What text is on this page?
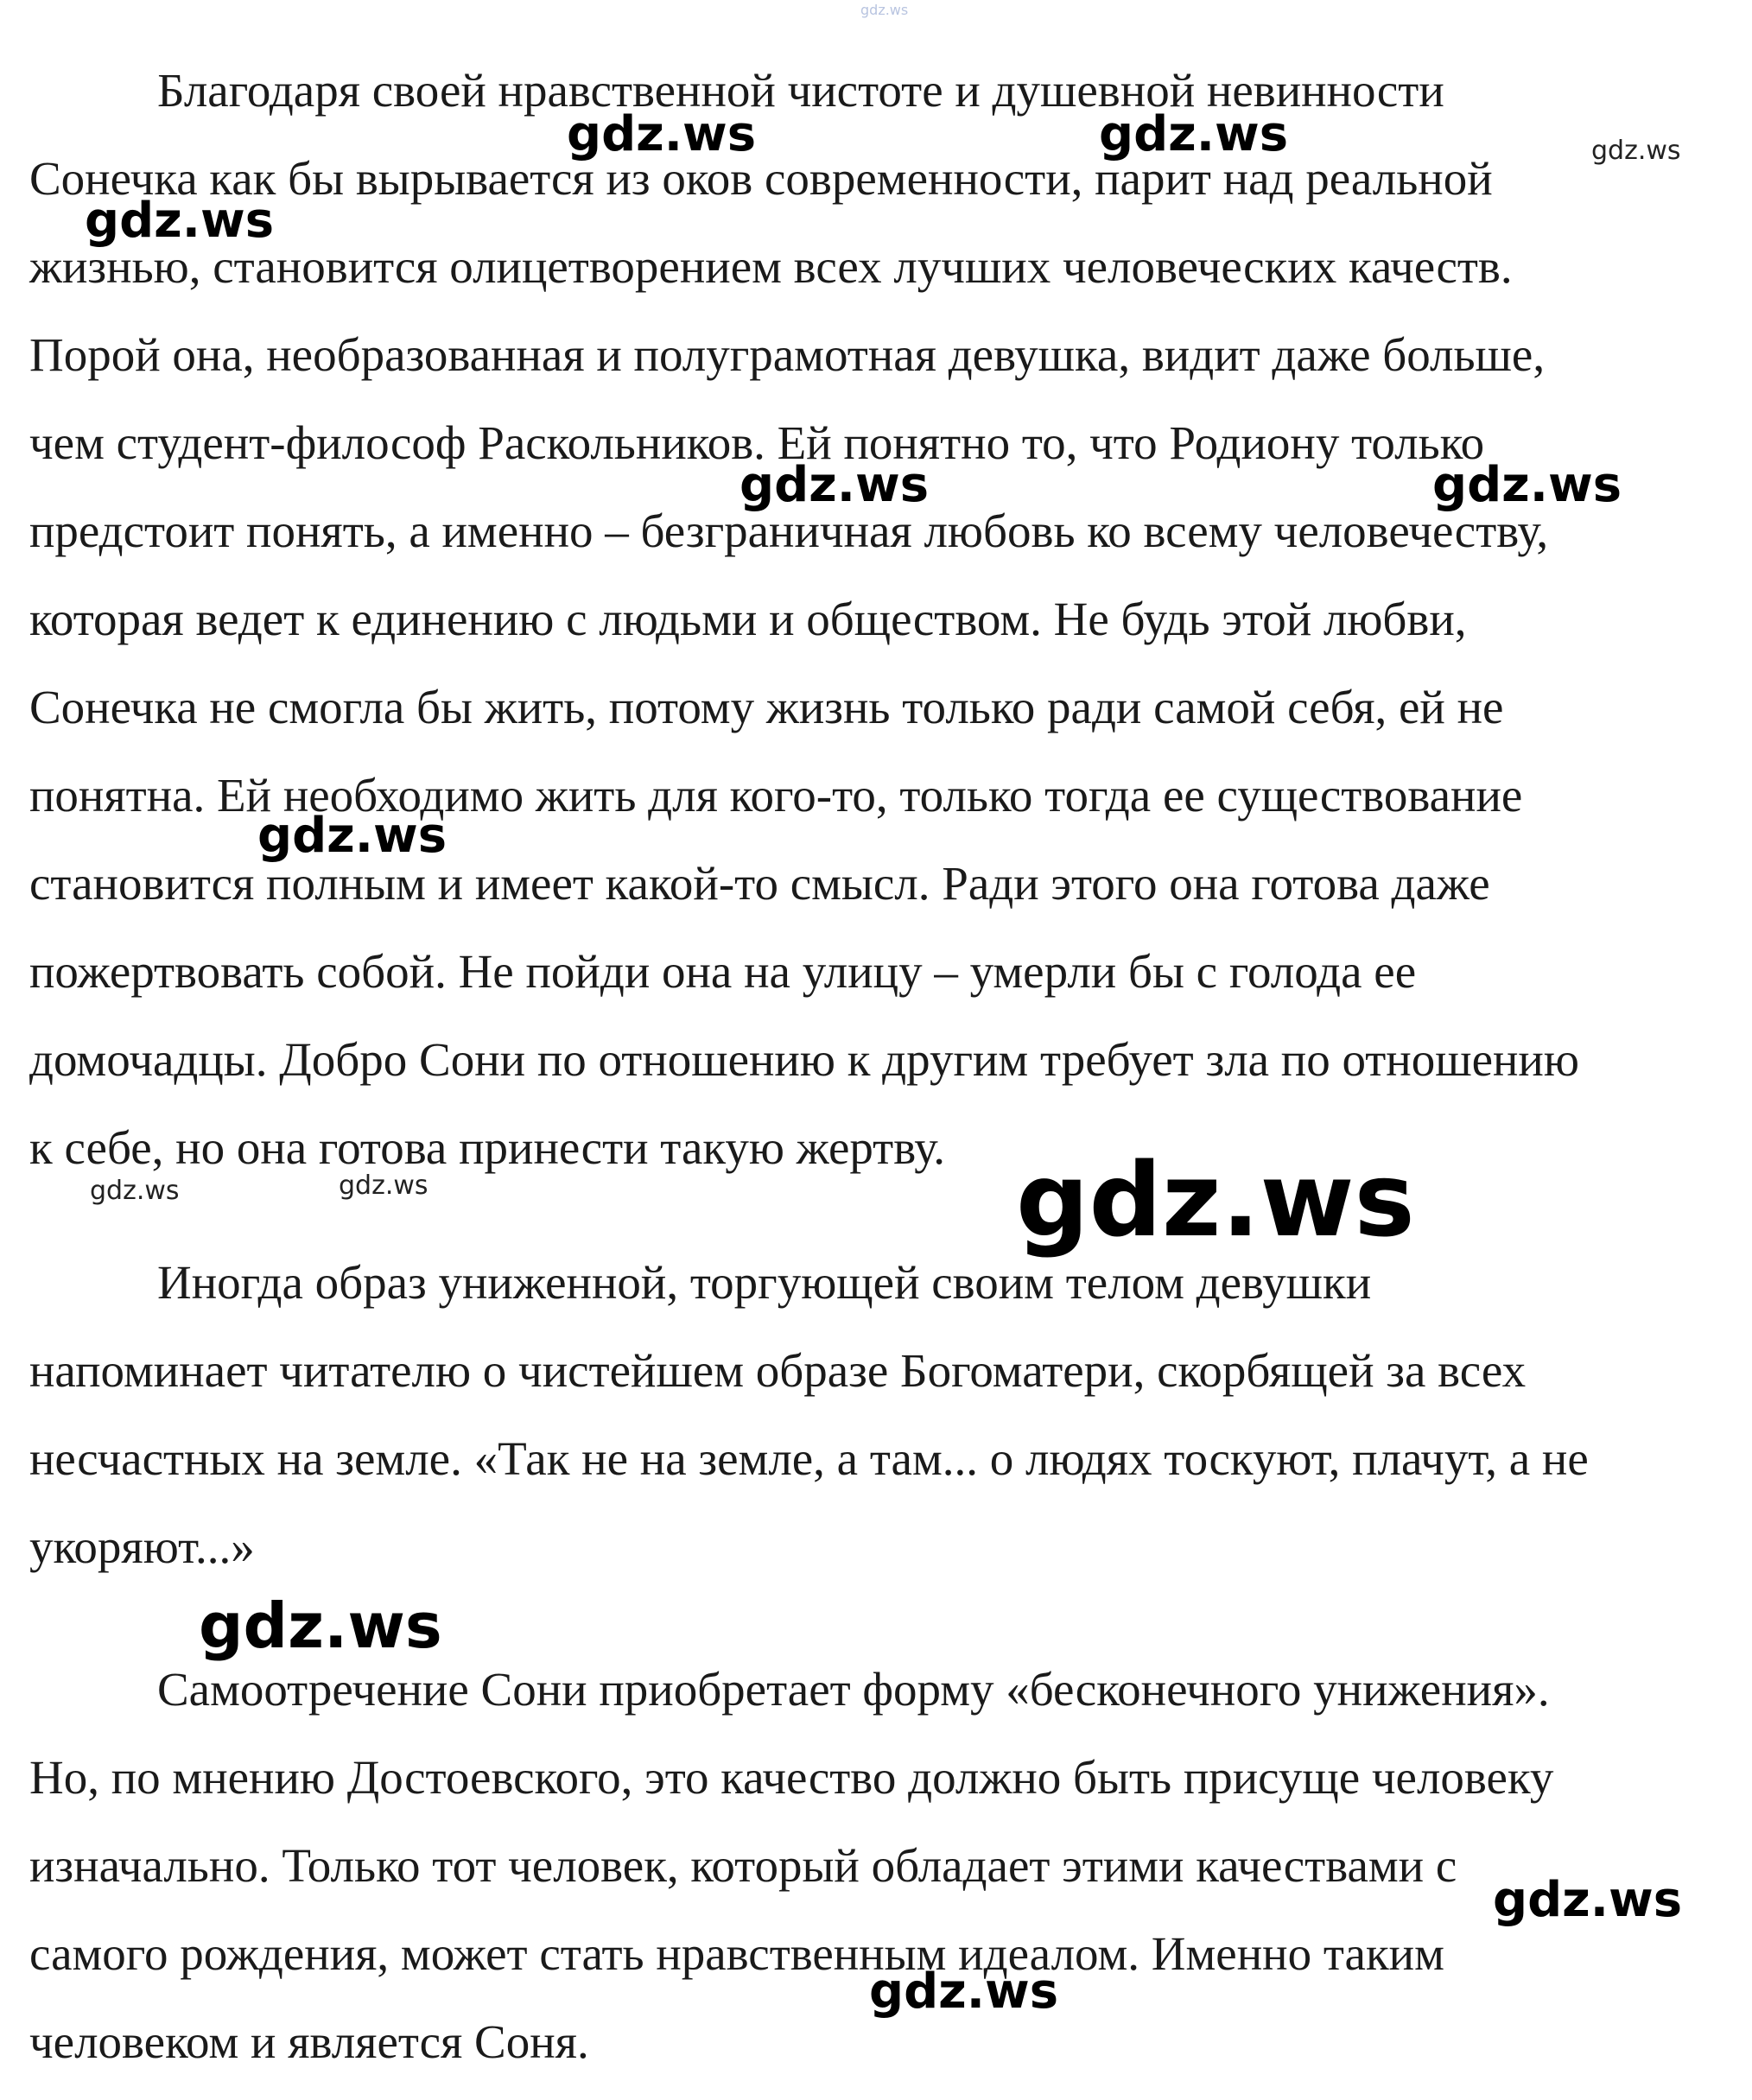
Благодаря своей нравственной чистоте и душевной невинности
Сонечка как бы вырывается из оков современности, парит над реальной
жизнью, становится олицетворением всех лучших человеческих качеств.
Порой она, необразованная и полуграмотная девушка, видит даже больше,
чем студент-философ Раскольников. Ей понятно то, что Родиону только
предстоит понять, а именно – безграничная любовь ко всему человечеству,
которая ведет к единению с людьми и обществом. Не будь этой любви,
Сонечка не смогла бы жить, потому жизнь только ради самой себя, ей не
понятна. Ей необходимо жить для кого-то, только тогда ее существование
становится полным и имеет какой-то смысл. Ради этого она готова даже
пожертвовать собой. Не пойди она на улицу – умерли бы с голода ее
домочадцы. Добро Сони по отношению к другим требует зла по отношению
к себе, но она готова принести такую жертву.

Иногда образ униженной, торгующей своим телом девушки
напоминает читателю о чистейшем образе Богоматери, скорбящей за всех
несчастных на земле. «Так не на земле, а там... о людях тоскуют, плачут, а не
укоряют...»

Самоотречение Сони приобретает форму «бесконечного унижения».
Но, по мнению Достоевского, это качество должно быть присуще человеку
изначально. Только тот человек, который обладает этими качествами с
самого рождения, может стать нравственным идеалом. Именно таким
человеком и является Соня.

gdz.ws
gdz.ws	gdz.ws	gdz.ws
gdz.ws
gdz.ws	gdz.ws
gdz.ws
gdz.ws	gdz.ws	gdz.ws
gdz.ws
gdz.ws
gdz.ws
